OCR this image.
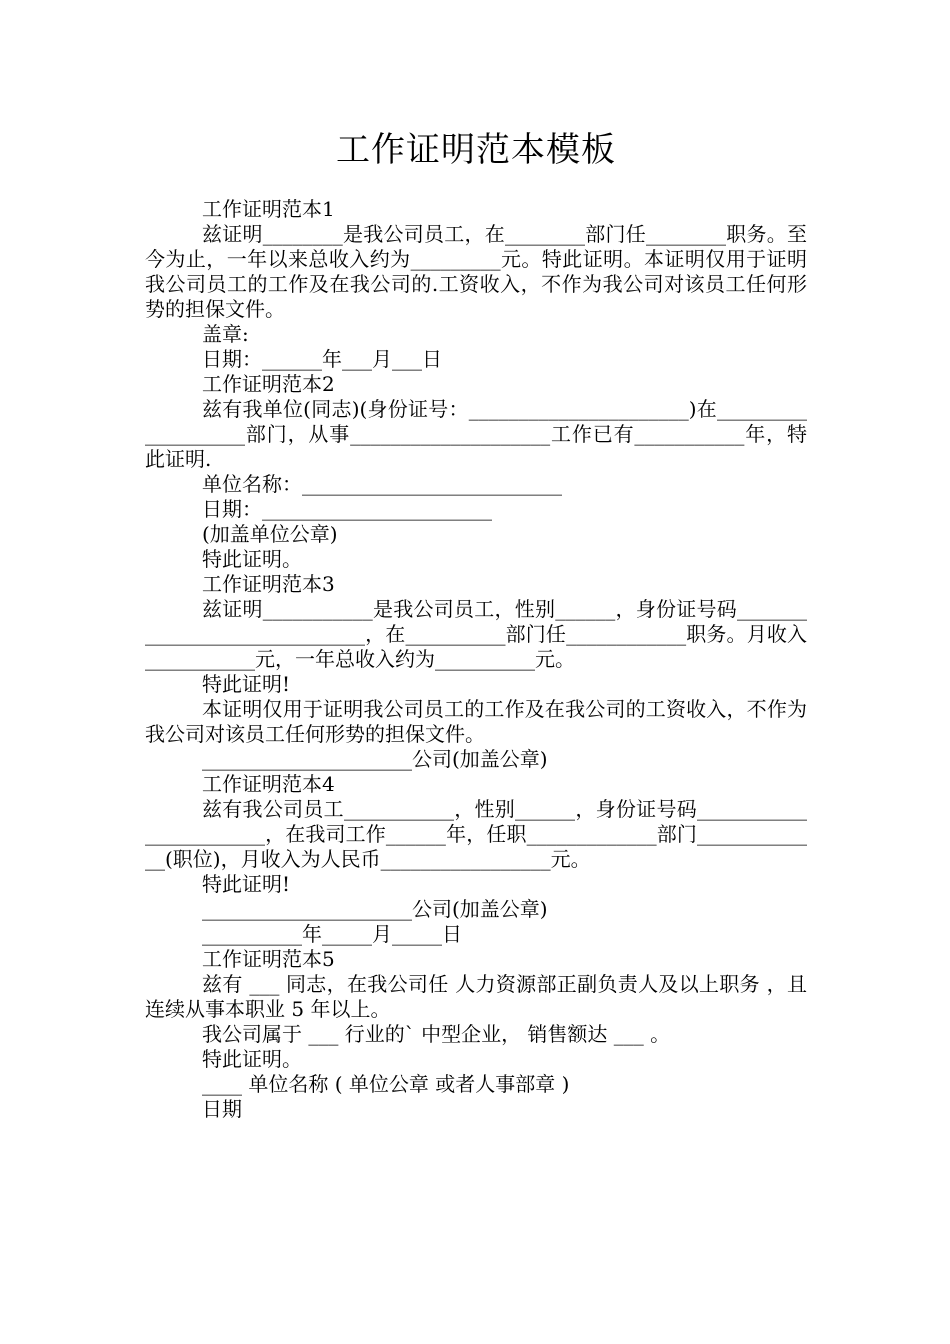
工作证明范本模板

工作证明范本1

兹证明________是我公司员工，在________部门任________职务。至今为止，一年以来总收入约为_________元。特此证明。本证明仅用于证明我公司员工的工作及在我公司的.工资收入，不作为我公司对该员工任何形势的担保文件。

盖章:

日期：______年___月___日

工作证明范本2

兹有我单位(同志)(身份证号：______________________)在___________________部门，从事____________________工作已有___________年，特此证明.

单位名称：__________________________

日期：_______________________

(加盖单位公章)

特此证明。

工作证明范本3

兹证明___________是我公司员工，性别______，身份证号码_____________________________，在__________部门任____________职务。月收入___________元，一年总收入约为__________元。

特此证明!

本证明仅用于证明我公司员工的工作及在我公司的工资收入，不作为我公司对该员工任何形势的担保文件。

_____________________公司(加盖公章)

工作证明范本4

兹有我公司员工___________，性别______，身份证号码_______________________，在我司工作______年，任职_____________部门_____________(职位)，月收入为人民币_________________元。

特此证明!

_____________________公司(加盖公章)

__________年_____月_____日

工作证明范本5

兹有 ___ 同志，在我公司任 人力资源部正副负责人及以上职务 ，且连续从事本职业 5 年以上。

我公司属于 ___ 行业的` 中型企业， 销售额达 ___ 。

特此证明。

____ 单位名称 ( 单位公章 或者人事部章 )

日期
